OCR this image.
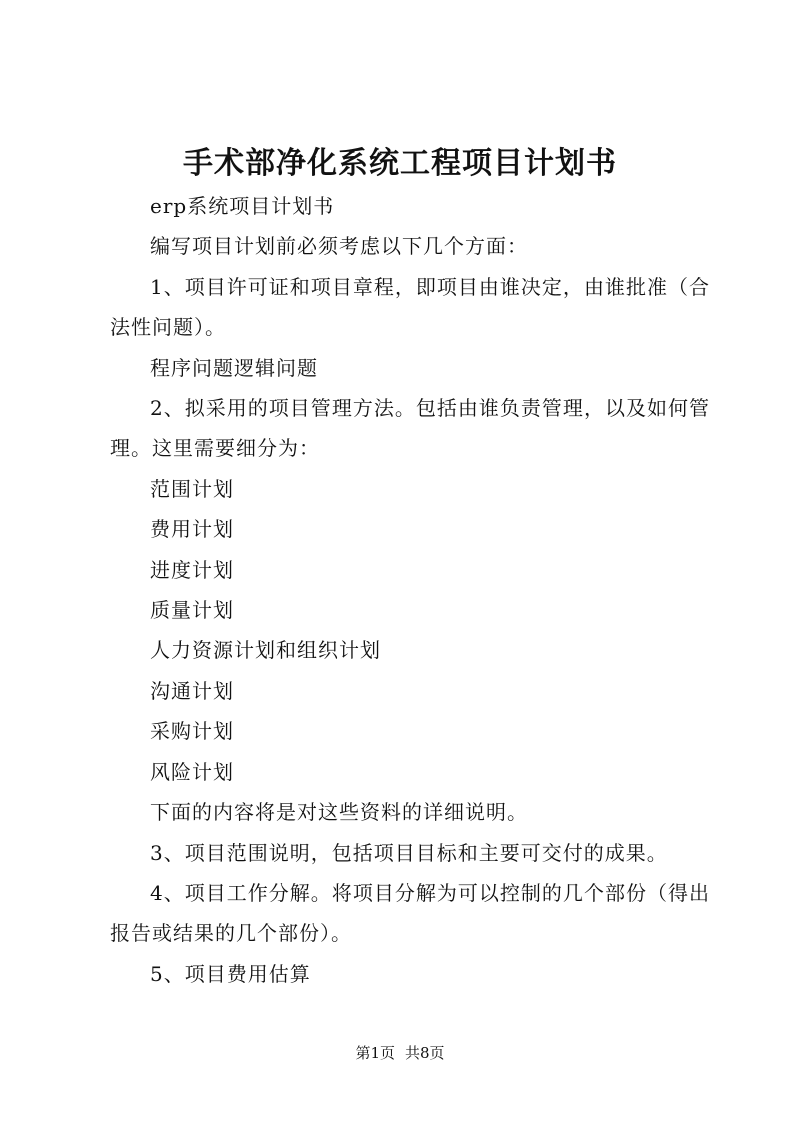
手术部净化系统工程项目计划书

erp系统项目计划书

编写项目计划前必须考虑以下几个方面：

1、项目许可证和项目章程，即项目由谁决定，由谁批准（合法性问题）。

程序问题逻辑问题

2、拟采用的项目管理方法。包括由谁负责管理，以及如何管理。这里需要细分为：

范围计划

费用计划

进度计划

质量计划

人力资源计划和组织计划

沟通计划

采购计划

风险计划

下面的内容将是对这些资料的详细说明。

3、项目范围说明，包括项目目标和主要可交付的成果。

4、项目工作分解。将项目分解为可以控制的几个部份（得出报告或结果的几个部份）。

5、项目费用估算

第1页 共8页
